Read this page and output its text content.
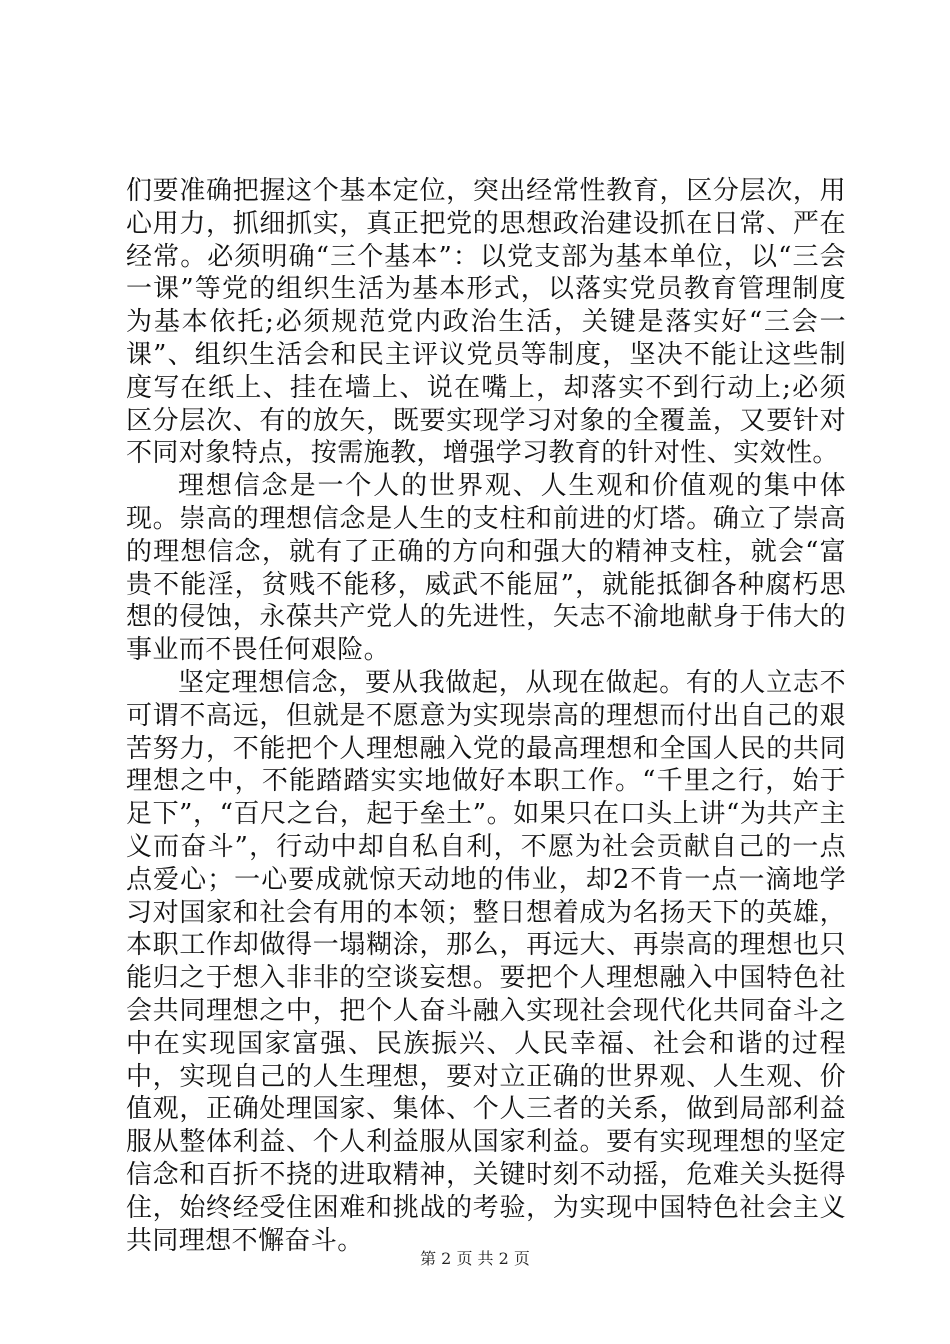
们要准确把握这个基本定位，突出经常性教育，区分层次，用心用力，抓细抓实，真正把党的思想政治建设抓在日常、严在经常。必须明确“三个基本”：以党支部为基本单位，以“三会一课”等党的组织生活为基本形式，以落实党员教育管理制度为基本依托;必须规范党内政治生活，关键是落实好“三会一课”、组织生活会和民主评议党员等制度，坚决不能让这些制度写在纸上、挂在墙上、说在嘴上，却落实不到行动上;必须区分层次、有的放矢，既要实现学习对象的全覆盖，又要针对不同对象特点，按需施教，增强学习教育的针对性、实效性。

理想信念是一个人的世界观、人生观和价值观的集中体现。崇高的理想信念是人生的支柱和前进的灯塔。确立了崇高的理想信念，就有了正确的方向和强大的精神支柱，就会“富贵不能淫，贫贱不能移，威武不能屈”，就能抵御各种腐朽思想的侵蚀，永葆共产党人的先进性，矢志不渝地献身于伟大的事业而不畏任何艰险。

坚定理想信念，要从我做起，从现在做起。有的人立志不可谓不高远，但就是不愿意为实现崇高的理想而付出自己的艰苦努力，不能把个人理想融入党的最高理想和全国人民的共同理想之中，不能踏踏实实地做好本职工作。“千里之行，始于足下”，“百尺之台，起于垒土”。如果只在口头上讲“为共产主义而奋斗”，行动中却自私自利，不愿为社会贡献自己的一点点爱心；一心要成就惊天动地的伟业，却2不肯一点一滴地学习对国家和社会有用的本领；整日想着成为名扬天下的英雄，本职工作却做得一塌糊涂，那么，再远大、再崇高的理想也只能归之于想入非非的空谈妄想。要把个人理想融入中国特色社会共同理想之中，把个人奋斗融入实现社会现代化共同奋斗之中在实现国家富强、民族振兴、人民幸福、社会和谐的过程中，实现自己的人生理想，要对立正确的世界观、人生观、价值观，正确处理国家、集体、个人三者的关系，做到局部利益服从整体利益、个人利益服从国家利益。要有实现理想的坚定信念和百折不挠的进取精神，关键时刻不动摇，危难关头挺得住，始终经受住困难和挑战的考验，为实现中国特色社会主义共同理想不懈奋斗。

第 2 页 共 2 页
